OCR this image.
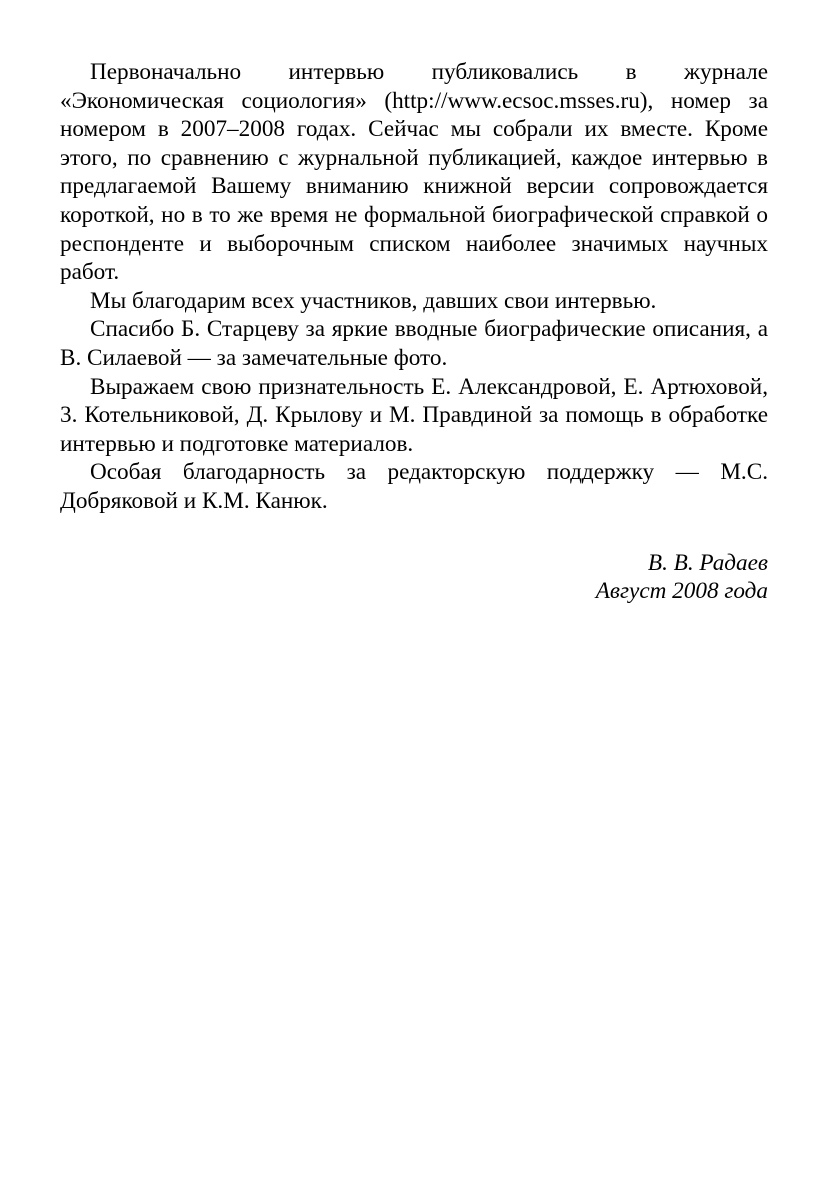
Первоначально интервью публиковались в журнале «Экономическая социология» (http://www.ecsoc.msses.ru), номер за номером в 2007–2008 годах. Сейчас мы собрали их вместе. Кроме этого, по сравнению с журнальной публикацией, каждое интервью в предлагаемой Вашему вниманию книжной версии сопровождается короткой, но в то же время не формальной биографической справкой о респонденте и выборочным списком наиболее значимых научных работ.

Мы благодарим всех участников, давших свои интервью.

Спасибо Б. Старцеву за яркие вводные биографические описания, а В. Силаевой — за замечательные фото.

Выражаем свою признательность Е. Александровой, Е. Артюховой, 3. Котельниковой, Д. Крылову и М. Правдиной за помощь в обработке интервью и подготовке материалов.

Особая благодарность за редакторскую поддержку — М.С. Добряковой и К.М. Канюк.

В. В. Радаев
Август 2008 года
